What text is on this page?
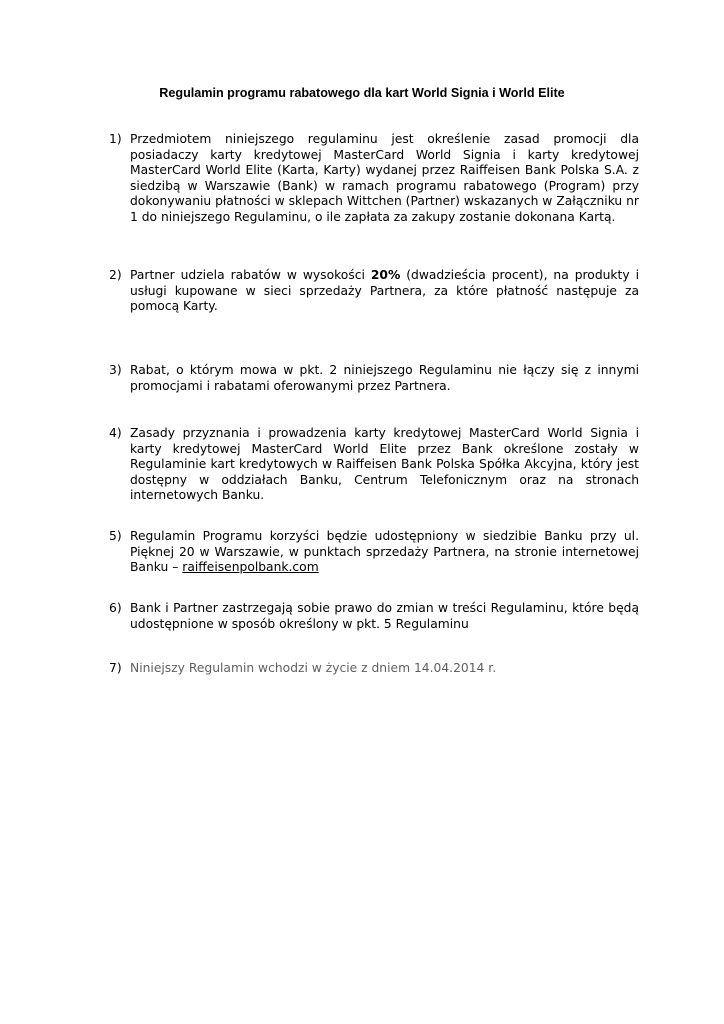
Regulamin programu rabatowego dla kart World Signia i World Elite
1) Przedmiotem niniejszego regulaminu jest określenie zasad promocji dla posiadaczy karty kredytowej MasterCard World Signia i karty kredytowej MasterCard World Elite (Karta, Karty) wydanej przez Raiffeisen Bank Polska S.A. z siedzibą w Warszawie (Bank) w ramach programu rabatowego (Program) przy dokonywaniu płatności w sklepach Wittchen (Partner) wskazanych w Załączniku nr 1 do niniejszego Regulaminu, o ile zapłata za zakupy zostanie dokonana Kartą.
2) Partner udziela rabatów w wysokości 20% (dwadzieścia procent), na produkty i usługi kupowane w sieci sprzedaży Partnera, za które płatność następuje za pomocą Karty.
3) Rabat, o którym mowa w pkt. 2 niniejszego Regulaminu nie łączy się z innymi promocjami i rabatami oferowanymi przez Partnera.
4) Zasady przyznania i prowadzenia karty kredytowej MasterCard World Signia i karty kredytowej MasterCard World Elite przez Bank określone zostały w Regulaminie kart kredytowych w Raiffeisen Bank Polska Spółka Akcyjna, który jest dostępny w oddziałach Banku, Centrum Telefonicznym oraz na stronach internetowych Banku.
5) Regulamin Programu korzyści będzie udostępniony w siedzibie Banku przy ul. Pięknej 20 w Warszawie, w punktach sprzedaży Partnera, na stronie internetowej Banku – raiffeisenpolbank.com
6) Bank i Partner zastrzegają sobie prawo do zmian w treści Regulaminu, które będą udostępnione w sposób określony w pkt. 5 Regulaminu
7) Niniejszy Regulamin wchodzi w życie z dniem 14.04.2014 r.
